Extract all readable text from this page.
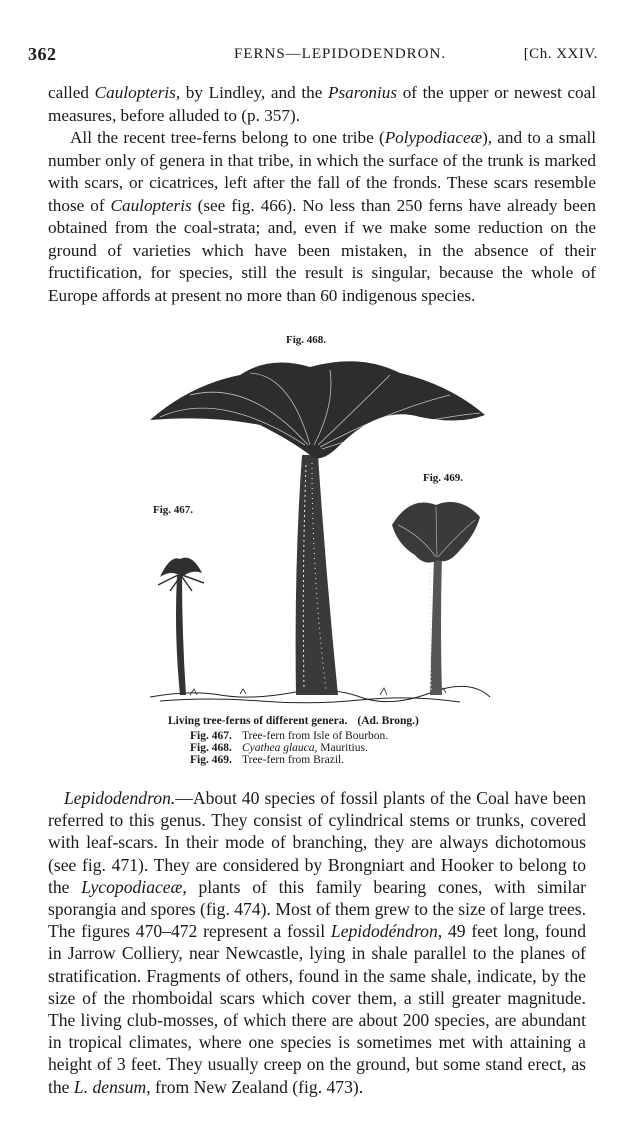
362	FERNS—LEPIDODENDRON.	[Ch. XXIV.

called Caulopteris, by Lindley, and the Psaronius of the upper or newest coal measures, before alluded to (p. 357).

All the recent tree-ferns belong to one tribe (Polypodiaceæ), and to a small number only of genera in that tribe, in which the surface of the trunk is marked with scars, or cicatrices, left after the fall of the fronds. These scars resemble those of Caulopteris (see fig. 466). No less than 250 ferns have already been obtained from the coal-strata; and, even if we make some reduction on the ground of varieties which have been mistaken, in the absence of their fructification, for species, still the result is singular, because the whole of Europe affords at present no more than 60 indigenous species.

Fig. 468.
Fig. 467.
Fig. 469.
Living tree-ferns of different genera. (Ad. Brong.)
Fig. 467. Tree-fern from Isle of Bourbon.
Fig. 468. Cyathea glauca, Mauritius.
Fig. 469. Tree-fern from Brazil.

Lepidodendron.—About 40 species of fossil plants of the Coal have been referred to this genus. They consist of cylindrical stems or trunks, covered with leaf-scars. In their mode of branching, they are always dichotomous (see fig. 471). They are considered by Brongniart and Hooker to belong to the Lycopodiaceæ, plants of this family bearing cones, with similar sporangia and spores (fig. 474). Most of them grew to the size of large trees. The figures 470–472 represent a fossil Lepidodéndron, 49 feet long, found in Jarrow Colliery, near Newcastle, lying in shale parallel to the planes of stratification. Fragments of others, found in the same shale, indicate, by the size of the rhomboidal scars which cover them, a still greater magnitude. The living club-mosses, of which there are about 200 species, are abundant in tropical climates, where one species is sometimes met with attaining a height of 3 feet. They usually creep on the ground, but some stand erect, as the L. densum, from New Zealand (fig. 473).
